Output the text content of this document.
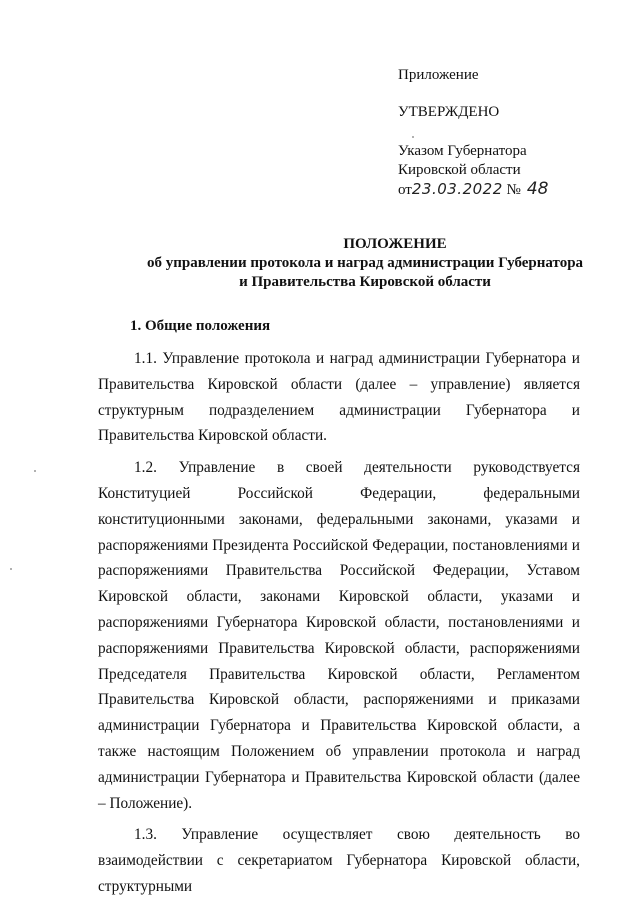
Приложение
УТВЕРЖДЕНО
Указом Губернатора
Кировской области
от23.03.2022 № 48
ПОЛОЖЕНИЕ
об управлении протокола и наград администрации Губернатора
и Правительства Кировской области
1. Общие положения

1.1. Управление протокола и наград администрации Губернатора и Правительства Кировской области (далее – управление) является структурным подразделением администрации Губернатора и Правительства Кировской области.

1.2. Управление в своей деятельности руководствуется Конституцией Российской Федерации, федеральными конституционными законами, федеральными законами, указами и распоряжениями Президента Российской Федерации, постановлениями и распоряжениями Правительства Российской Федерации, Уставом Кировской области, законами Кировской области, указами и распоряжениями Губернатора Кировской области, постановлениями и распоряжениями Правительства Кировской области, распоряжениями Председателя Правительства Кировской области, Регламентом Правительства Кировской области, распоряжениями и приказами администрации Губернатора и Правительства Кировской области, а также настоящим Положением об управлении протокола и наград администрации Губернатора и Правительства Кировской области (далее – Положение).

1.3. Управление осуществляет свою деятельность во взаимодействии с секретариатом Губернатора Кировской области, структурными
